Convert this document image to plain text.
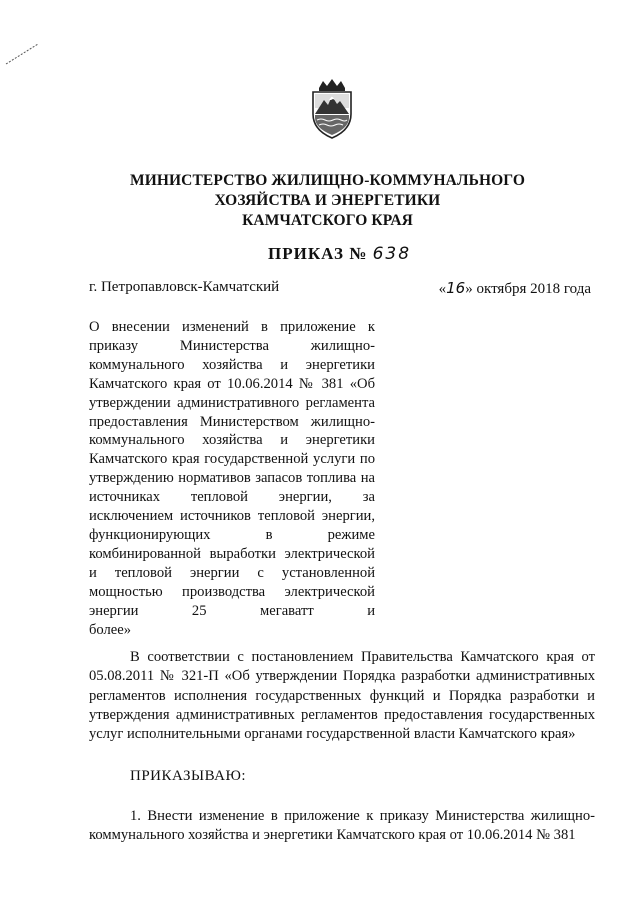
МИНИСТЕРСТВО ЖИЛИЩНО-КОММУНАЛЬНОГО
ХОЗЯЙСТВА И ЭНЕРГЕТИКИ
КАМЧАТСКОГО КРАЯ
ПРИКАЗ № 638
г. Петропавловск-Камчатский	«16» октября 2018 года
О внесении изменений в приложение к приказу Министерства жилищно-коммунального хозяйства и энергетики Камчатского края от 10.06.2014 № 381 «Об утверждении административного регламента предоставления Министерством жилищно-коммунального хозяйства и энергетики Камчатского края государственной услуги по утверждению нормативов запасов топлива на источниках тепловой энергии, за исключением источников тепловой энергии, функционирующих в режиме комбинированной выработки электрической и тепловой энергии с установленной мощностью производства электрической энергии 25 мегаватт и
более»

В соответствии с постановлением Правительства Камчатского края от 05.08.2011 № 321-П «Об утверждении Порядка разработки административных регламентов исполнения государственных функций и Порядка разработки и утверждения административных регламентов предоставления государственных услуг исполнительными органами государственной власти Камчатского края»

ПРИКАЗЫВАЮ:

1. Внести изменение в приложение к приказу Министерства жилищно-коммунального хозяйства и энергетики Камчатского края от 10.06.2014 № 381
